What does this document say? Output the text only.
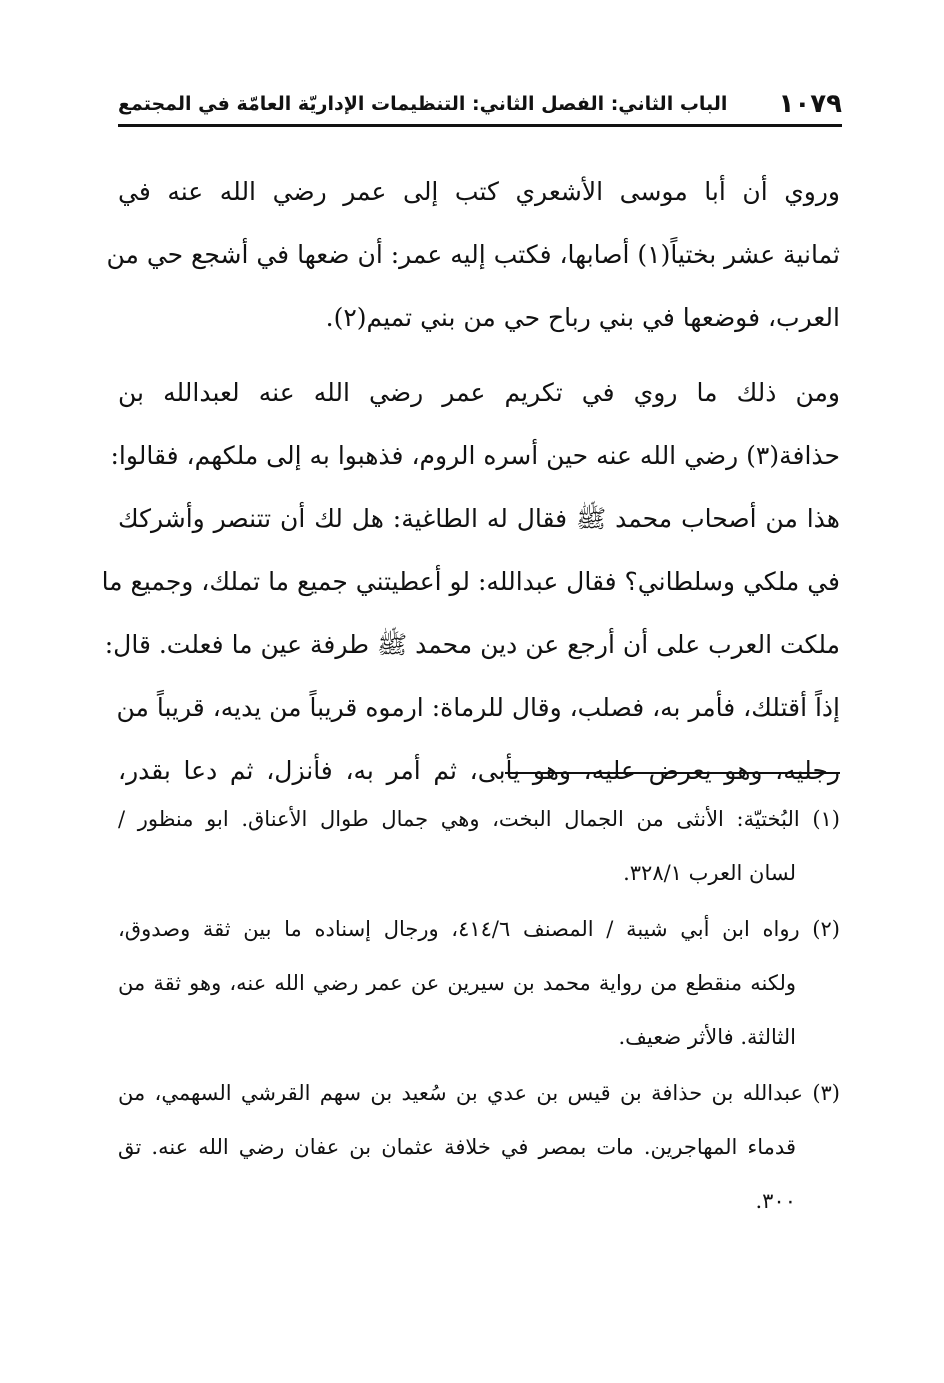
١٠٧٩
الباب الثاني: الفصل الثاني: التنظيمات الإداريّة العامّة في المجتمع
وروي أن أبا موسى الأشعري كتب إلى عمر رضي الله عنه في
ثمانية عشر بختياً(١) أصابها، فكتب إليه عمر: أن ضعها في أشجع حي من
العرب، فوضعها في بني رباح حي من بني تميم(٢).
ومن ذلك ما روي في تكريم عمر رضي الله عنه لعبدالله بن
حذافة(٣) رضي الله عنه حين أسره الروم، فذهبوا به إلى ملكهم، فقالوا:
هذا من أصحاب محمد ﷺ فقال له الطاغية: هل لك أن تتنصر وأشركك
في ملكي وسلطاني؟ فقال عبدالله: لو أعطيتني جميع ما تملك، وجميع ما
ملكت العرب على أن أرجع عن دين محمد ﷺ طرفة عين ما فعلت. قال:
إذاً أقتلك، فأمر به، فصلب، وقال للرماة: ارموه قريباً من يديه، قريباً من
رجليه، وهو يعرض عليه، وهو يأبى، ثم أمر به، فأنزل، ثم دعا بقدر،
(١) البُختيّة: الأنثى من الجمال البخت، وهي جمال طوال الأعناق. ابو منظور /
لسان العرب ٣٢٨/١.
(٢) رواه ابن أبي شيبة / المصنف ٤١٤/٦، ورجال إسناده ما بين ثقة وصدوق،
ولكنه منقطع من رواية محمد بن سيرين عن عمر رضي الله عنه، وهو ثقة من
الثالثة. فالأثر ضعيف.
(٣) عبدالله بن حذافة بن قيس بن عدي بن سُعيد بن سهم القرشي السهمي، من
قدماء المهاجرين. مات بمصر في خلافة عثمان بن عفان رضي الله عنه. تق
٣٠٠.
